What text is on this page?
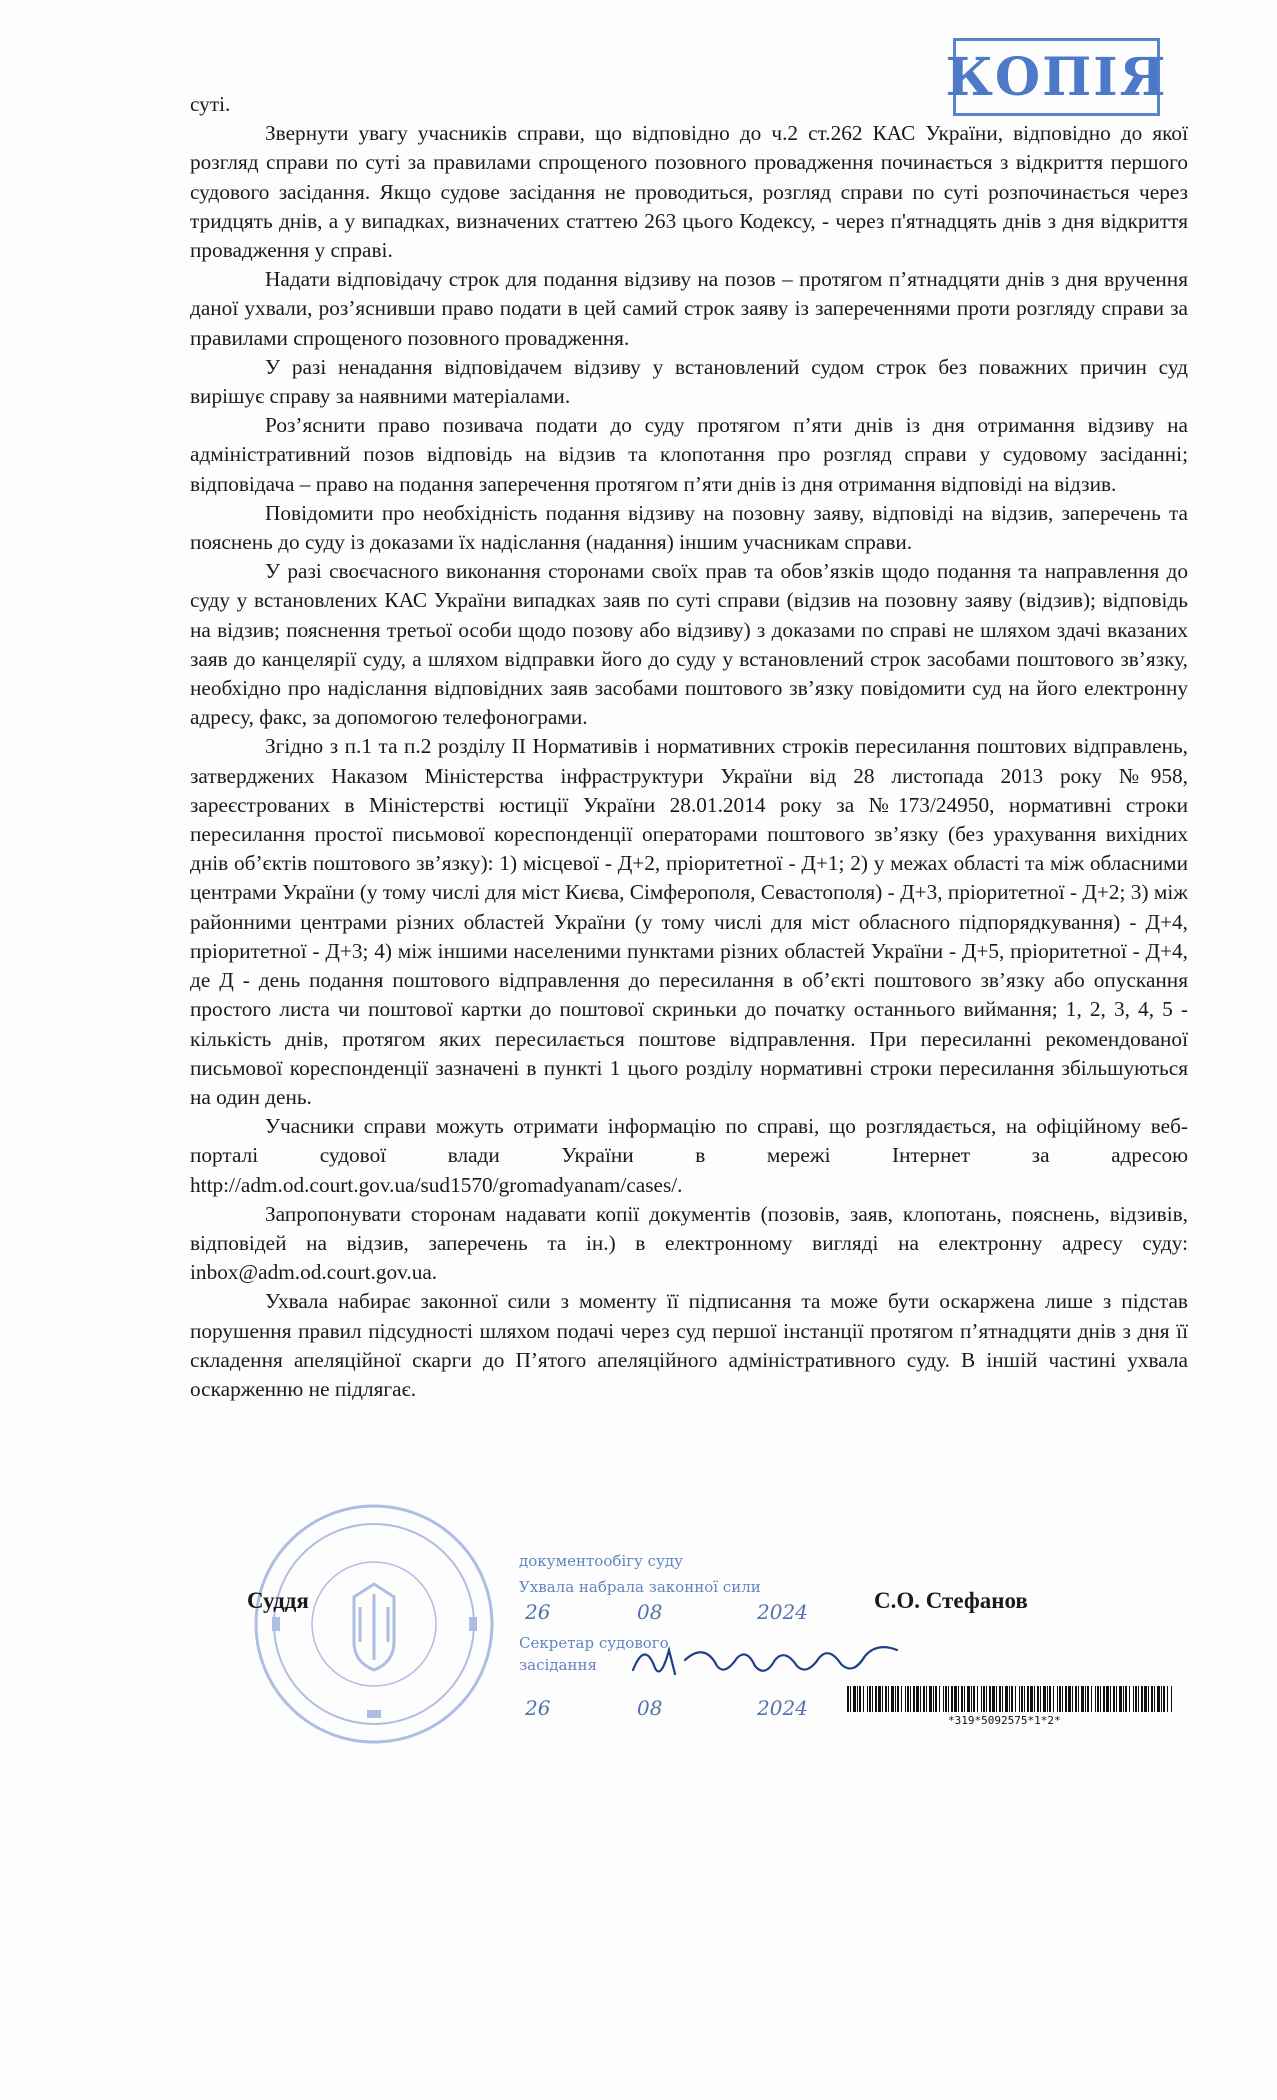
КОПІЯ

суті.

Звернути увагу учасників справи, що відповідно до ч.2 ст.262 КАС України, відповідно до якої розгляд справи по суті за правилами спрощеного позовного провадження починається з відкриття першого судового засідання. Якщо судове засідання не проводиться, розгляд справи по суті розпочинається через тридцять днів, а у випадках, визначених статтею 263 цього Кодексу, - через п'ятнадцять днів з дня відкриття провадження у справі.

Надати відповідачу строк для подання відзиву на позов – протягом п’ятнадцяти днів з дня вручення даної ухвали, роз’яснивши право подати в цей самий строк заяву із запереченнями проти розгляду справи за правилами спрощеного позовного провадження.

У разі ненадання відповідачем відзиву у встановлений судом строк без поважних причин суд вирішує справу за наявними матеріалами.

Роз’яснити право позивача подати до суду протягом п’яти днів із дня отримання відзиву на адміністративний позов відповідь на відзив та клопотання про розгляд справи у судовому засіданні; відповідача – право на подання заперечення протягом п’яти днів із дня отримання відповіді на відзив.

Повідомити про необхідність подання відзиву на позовну заяву, відповіді на відзив, заперечень та пояснень до суду із доказами їх надіслання (надання) іншим учасникам справи.

У разі своєчасного виконання сторонами своїх прав та обов’язків щодо подання та направлення до суду у встановлених КАС України випадках заяв по суті справи (відзив на позовну заяву (відзив); відповідь на відзив; пояснення третьої особи щодо позову або відзиву) з доказами по справі не шляхом здачі вказаних заяв до канцелярії суду, а шляхом відправки його до суду у встановлений строк засобами поштового зв’язку, необхідно про надіслання відповідних заяв засобами поштового зв’язку повідомити суд на його електронну адресу, факс, за допомогою телефонограми.

Згідно з п.1 та п.2 розділу II Нормативів і нормативних строків пересилання поштових відправлень, затверджених Наказом Міністерства інфраструктури України від 28 листопада 2013 року №958, зареєстрованих в Міністерстві юстиції України 28.01.2014 року за №173/24950, нормативні строки пересилання простої письмової кореспонденції операторами поштового зв’язку (без урахування вихідних днів об’єктів поштового зв’язку): 1) місцевої - Д+2, пріоритетної - Д+1; 2) у межах області та між обласними центрами України (у тому числі для міст Києва, Сімферополя, Севастополя) - Д+3, пріоритетної - Д+2; 3) між районними центрами різних областей України (у тому числі для міст обласного підпорядкування) - Д+4, пріоритетної - Д+3; 4) між іншими населеними пунктами різних областей України - Д+5, пріоритетної - Д+4, де Д - день подання поштового відправлення до пересилання в об’єкті поштового зв’язку або опускання простого листа чи поштової картки до поштової скриньки до початку останнього виймання; 1, 2, 3, 4, 5 - кількість днів, протягом яких пересилається поштове відправлення. При пересиланні рекомендованої письмової кореспонденції зазначені в пункті 1 цього розділу нормативні строки пересилання збільшуються на один день.

Учасники справи можуть отримати інформацію по справі, що розглядається, на офіційному веб-порталі судової влади України в мережі Інтернет за адресою http://adm.od.court.gov.ua/sud1570/gromadyanam/cases/.

Запропонувати сторонам надавати копії документів (позовів, заяв, клопотань, пояснень, відзивів, відповідей на відзив, заперечень та ін.) в електронному вигляді на електронну адресу суду: inbox@adm.od.court.gov.ua.

Ухвала набирає законної сили з моменту її підписання та може бути оскаржена лише з підстав порушення правил підсудності шляхом подачі через суд першої інстанції протягом п’ятнадцяти днів з дня її складення апеляційної скарги до П’ятого апеляційного адміністративного суду. В іншій частині ухвала оскарженню не підлягає.

Суддя	С.О. Стефанов
документообігу суду
Ухвала набрала законної сили
26	08	2024
Секретар судового
засідання
26	08	2024
*319*5092575*1*2*
